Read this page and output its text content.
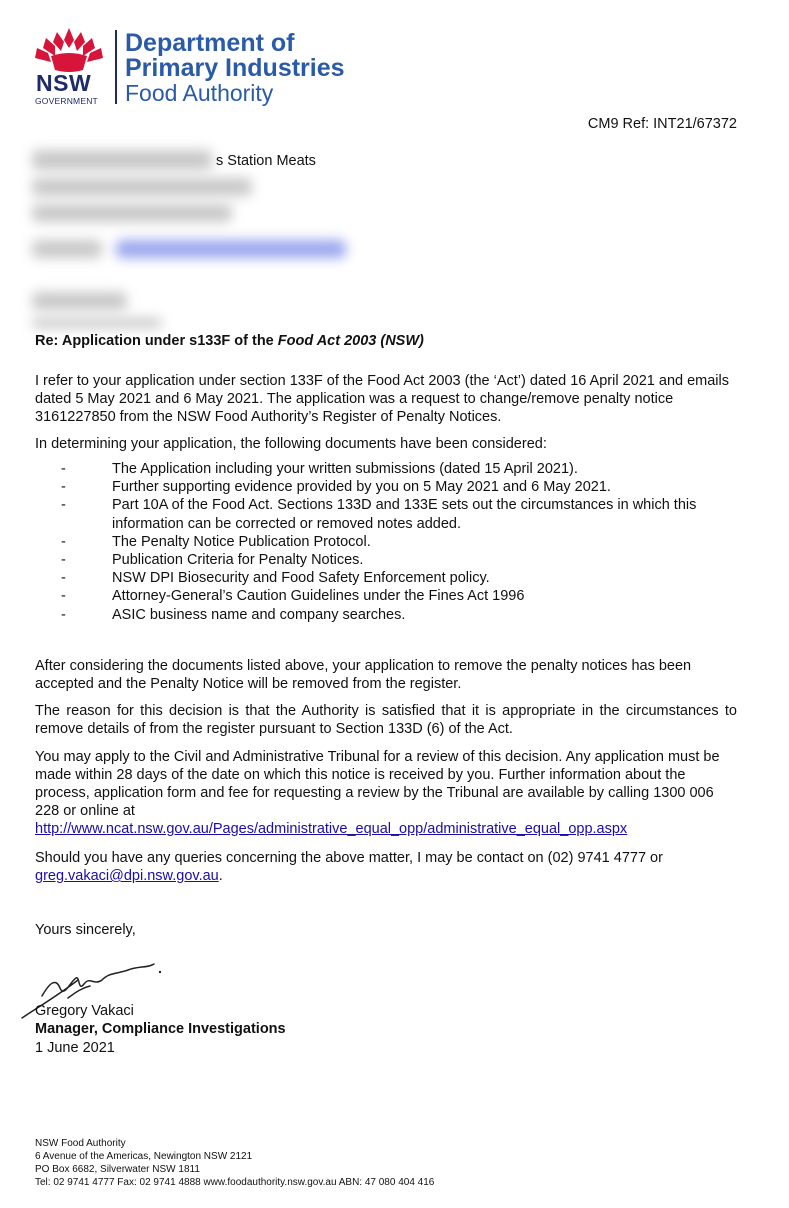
NSW
GOVERNMENT
Department of
Primary Industries
Food Authority
CM9 Ref: INT21/67372
s Station Meats
Re: Application under s133F of the Food Act 2003 (NSW)

I refer to your application under section 133F of the Food Act 2003 (the ‘Act’) dated 16 April 2021 and emails dated 5 May 2021 and 6 May 2021. The application was a request to change/remove penalty notice 3161227850 from the NSW Food Authority’s Register of Penalty Notices.

In determining your application, the following documents have been considered:

-	The Application including your written submissions (dated 15 April 2021).
-	Further supporting evidence provided by you on 5 May 2021 and 6 May 2021.
-	Part 10A of the Food Act. Sections 133D and 133E sets out the circumstances in which this information can be corrected or removed notes added.
-	The Penalty Notice Publication Protocol.
-	Publication Criteria for Penalty Notices.
-	NSW DPI Biosecurity and Food Safety Enforcement policy.
-	Attorney-General’s Caution Guidelines under the Fines Act 1996
-	ASIC business name and company searches.

After considering the documents listed above, your application to remove the penalty notices has been accepted and the Penalty Notice will be removed from the register.

The reason for this decision is that the Authority is satisfied that it is appropriate in the circumstances to remove details of from the register pursuant to Section 133D (6) of the Act.

You may apply to the Civil and Administrative Tribunal for a review of this decision. Any application must be made within 28 days of the date on which this notice is received by you. Further information about the process, application form and fee for requesting a review by the Tribunal are available by calling 1300 006 228 or online at
http://www.ncat.nsw.gov.au/Pages/administrative_equal_opp/administrative_equal_opp.aspx

Should you have any queries concerning the above matter, I may be contact on (02) 9741 4777 or
greg.vakaci@dpi.nsw.gov.au.

Yours sincerely,

Gregory Vakaci
Manager, Compliance Investigations
1 June 2021
NSW Food Authority
6 Avenue of the Americas, Newington NSW 2121
PO Box 6682, Silverwater NSW 1811
Tel: 02 9741 4777 Fax: 02 9741 4888 www.foodauthority.nsw.gov.au ABN: 47 080 404 416
